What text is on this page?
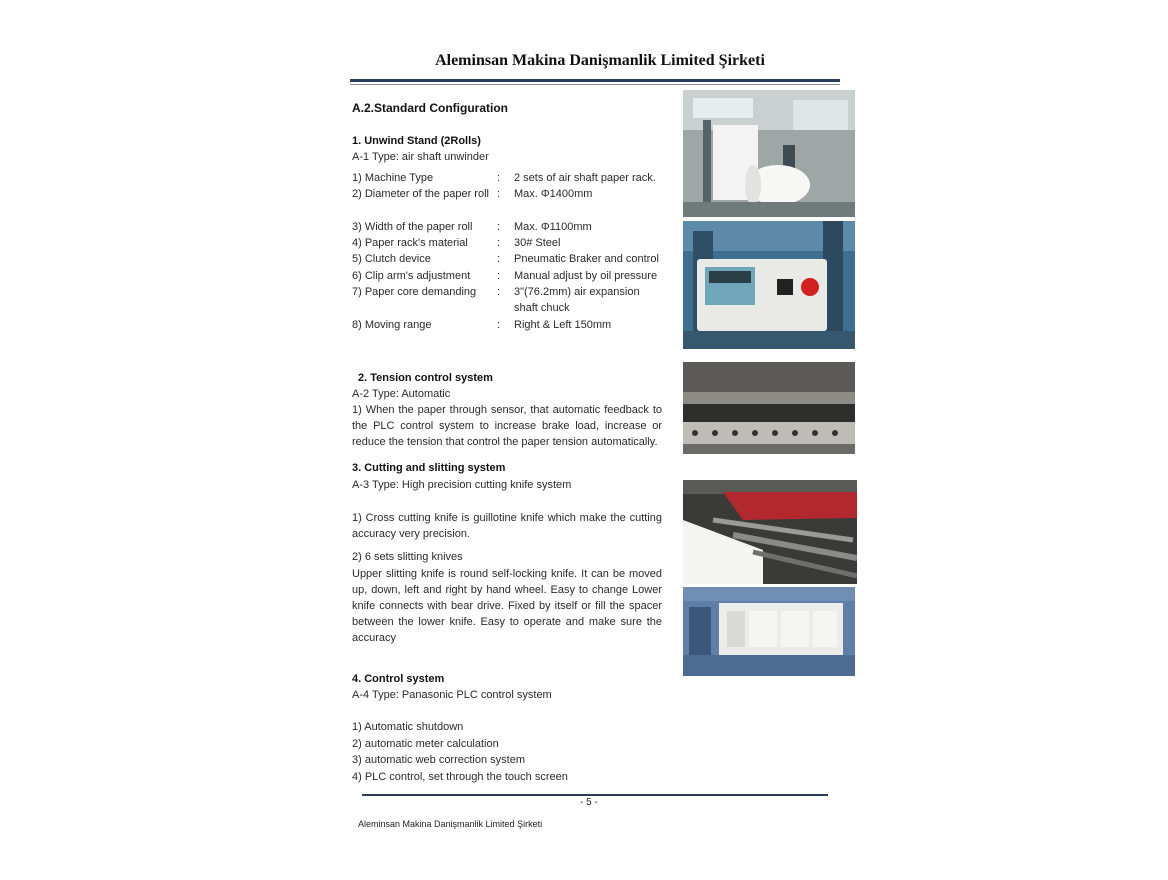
Aleminsan Makina Danişmanlik Limited Şirketi
A.2.Standard Configuration
1. Unwind Stand (2Rolls)
A-1 Type: air shaft unwinder
1) Machine Type	: 2 sets of air shaft paper rack.
2) Diameter of the paper roll : Max. Φ1400mm
3) Width of the paper roll	: Max. Φ1100mm
4) Paper rack's material	: 30# Steel
5) Clutch device	: Pneumatic Braker and control
6) Clip arm's adjustment	: Manual adjust by oil pressure
7) Paper core demanding	: 3"(76.2mm) air expansion shaft chuck
8) Moving range	: Right & Left 150mm
2. Tension control system
A-2 Type: Automatic
1) When the paper through sensor, that automatic feedback to the PLC control system to increase brake load, increase or reduce the tension that control the paper tension automatically.
3. Cutting and slitting system
A-3 Type: High precision cutting knife system
1) Cross cutting knife is guillotine knife which make the cutting accuracy very precision.
2) 6 sets slitting knives
Upper slitting knife is round self-locking knife. It can be moved up, down, left and right by hand wheel. Easy to change Lower knife connects with bear drive. Fixed by itself or fill the spacer between the lower knife. Easy to operate and make sure the accuracy
4. Control system
A-4 Type: Panasonic PLC control system
1) Automatic shutdown
2) automatic meter calculation
3) automatic web correction system
4) PLC control, set through the touch screen
- 5 -
Aleminsan Makina Danişmanlik Limited Şirketi
